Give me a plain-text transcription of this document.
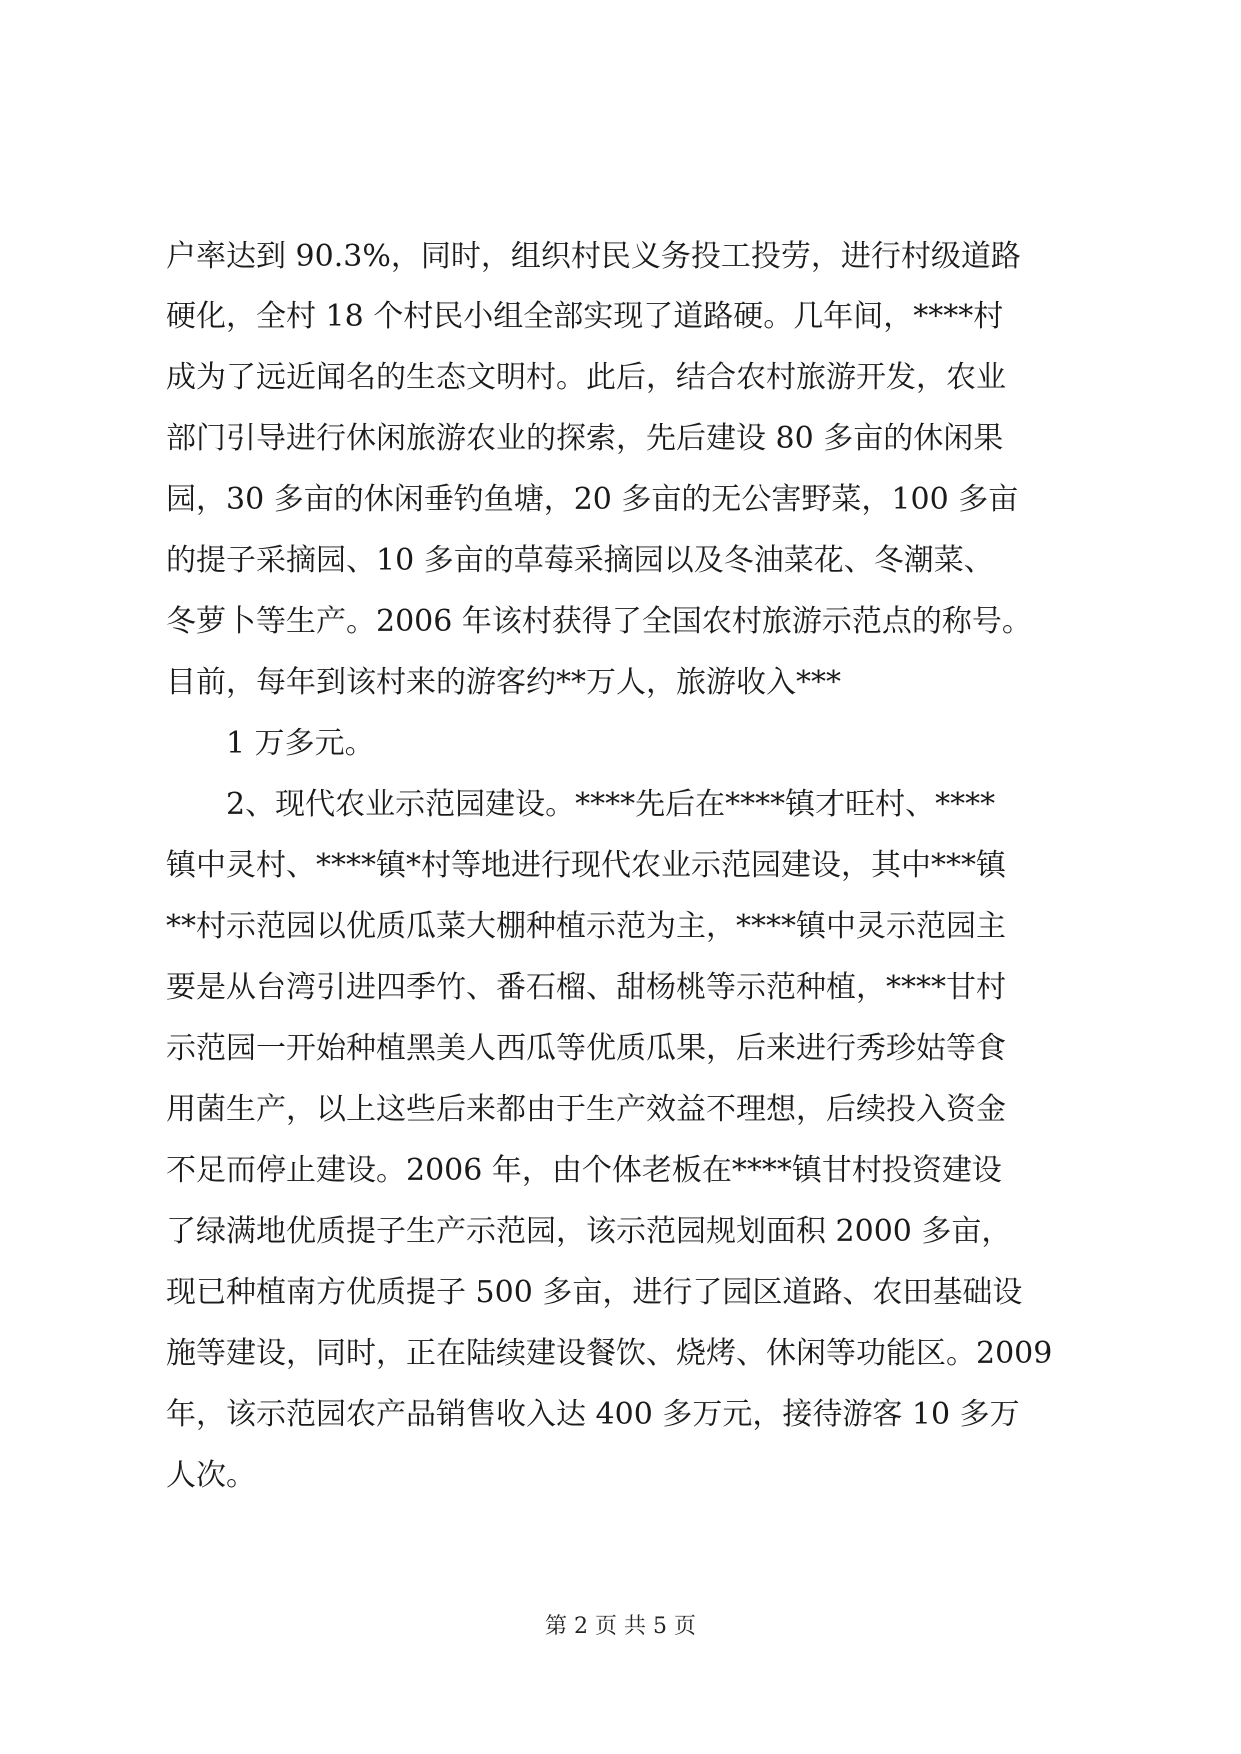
户率达到 90.3%，同时，组织村民义务投工投劳，进行村级道路
硬化，全村 18 个村民小组全部实现了道路硬。几年间，****村
成为了远近闻名的生态文明村。此后，结合农村旅游开发，农业
部门引导进行休闲旅游农业的探索，先后建设 80 多亩的休闲果
园，30 多亩的休闲垂钓鱼塘，20 多亩的无公害野菜，100 多亩
的提子采摘园、10 多亩的草莓采摘园以及冬油菜花、冬潮菜、
冬萝卜等生产。2006 年该村获得了全国农村旅游示范点的称号。
目前，每年到该村来的游客约**万人，旅游收入***
1 万多元。
2、现代农业示范园建设。****先后在****镇才旺村、****
镇中灵村、****镇*村等地进行现代农业示范园建设，其中***镇
**村示范园以优质瓜菜大棚种植示范为主，****镇中灵示范园主
要是从台湾引进四季竹、番石榴、甜杨桃等示范种植，****甘村
示范园一开始种植黑美人西瓜等优质瓜果，后来进行秀珍姑等食
用菌生产，以上这些后来都由于生产效益不理想，后续投入资金
不足而停止建设。2006 年，由个体老板在****镇甘村投资建设
了绿满地优质提子生产示范园，该示范园规划面积 2000 多亩，
现已种植南方优质提子 500 多亩，进行了园区道路、农田基础设
施等建设，同时，正在陆续建设餐饮、烧烤、休闲等功能区。2009
年，该示范园农产品销售收入达 400 多万元，接待游客 10 多万
人次。
第 2 页 共 5 页
